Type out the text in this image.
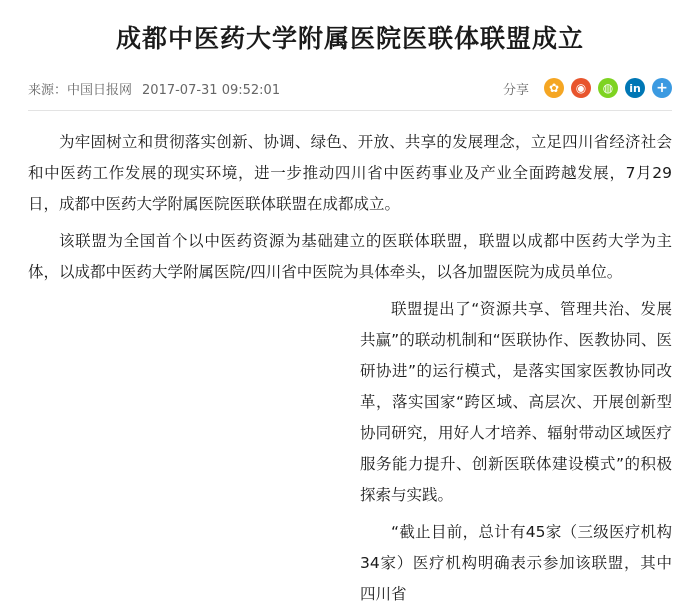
成都中医药大学附属医院医联体联盟成立
来源：中国日报网 2017-07-31 09:52:01	分享	✿	◉	◍	in	+

为牢固树立和贯彻落实创新、协调、绿色、开放、共享的发展理念，立足四川省经济社会和中医药工作发展的现实环境，进一步推动四川省中医药事业及产业全面跨越发展，7月29日，成都中医药大学附属医院医联体联盟在成都成立。

该联盟为全国首个以中医药资源为基础建立的医联体联盟，联盟以成都中医药大学为主体，以成都中医药大学附属医院/四川省中医院为具体牵头，以各加盟医院为成员单位。

联盟提出了“资源共享、管理共治、发展共赢”的联动机制和“医联协作、医教协同、医研协进”的运行模式，是落实国家医教协同改革，落实国家“跨区域、高层次、开展创新型协同研究，用好人才培养、辐射带动区域医疗服务能力提升、创新医联体建设模式”的积极探索与实践。

“截止目前，总计有45家（三级医疗机构34家）医疗机构明确表示参加该联盟，其中四川省
